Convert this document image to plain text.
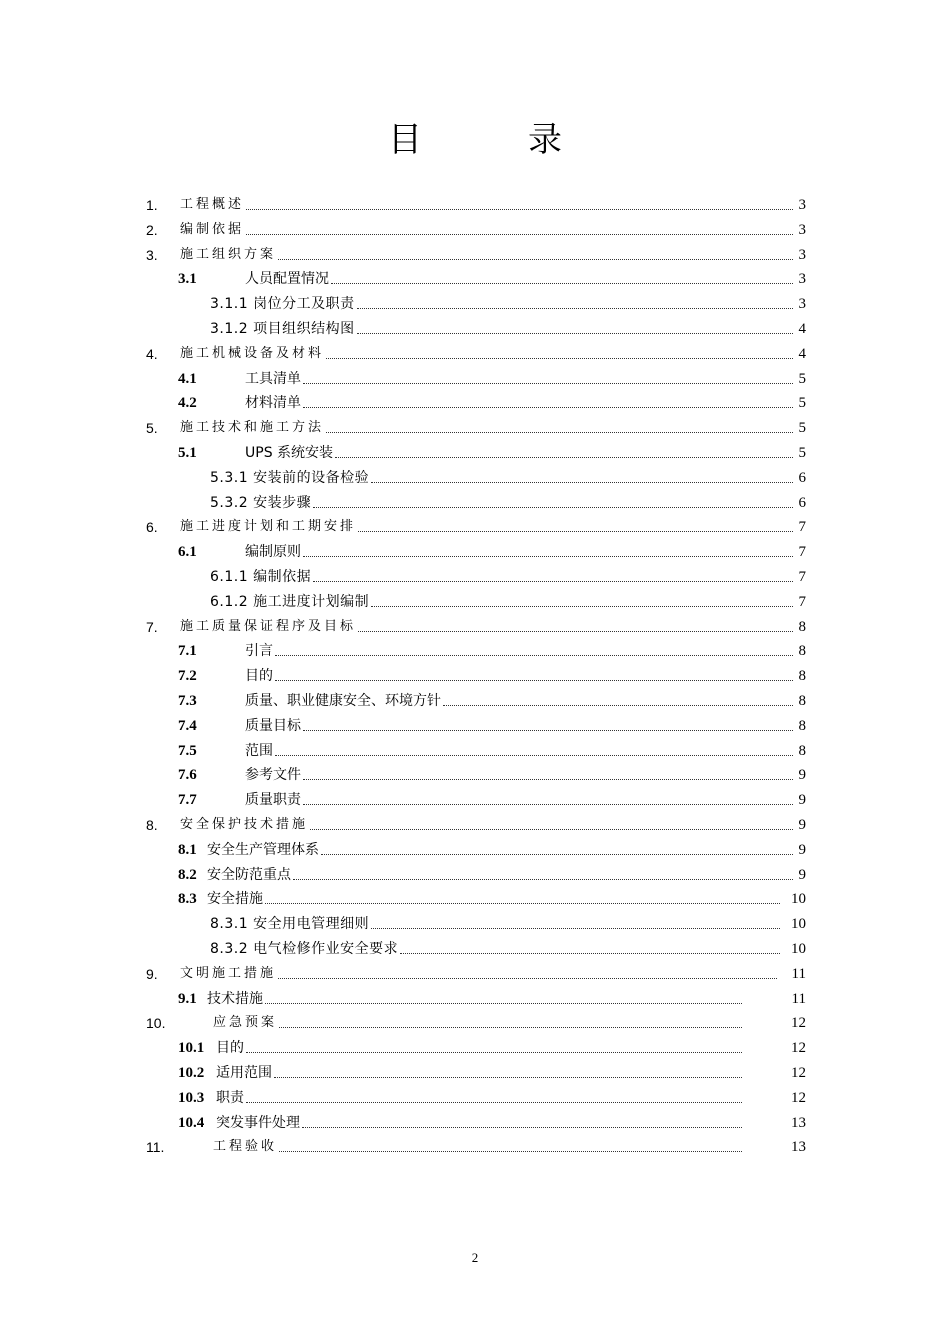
目　录
1. 工程概述	3
2. 编制依据	3
3. 施工组织方案	3
3.1	人员配置情况	3
3.1.1 岗位分工及职责	3
3.1.2 项目组织结构图	4
4. 施工机械设备及材料	4
4.1	工具清单	5
4.2	材料清单	5
5. 施工技术和施工方法	5
5.1	UPS 系统安装	5
5.3.1 安装前的设备检验	6
5.3.2 安装步骤	6
6. 施工进度计划和工期安排	7
6.1	编制原则	7
6.1.1 编制依据	7
6.1.2 施工进度计划编制	7
7. 施工质量保证程序及目标	8
7.1	引言	8
7.2	目的	8
7.3	质量、职业健康安全、环境方针	8
7.4	质量目标	8
7.5	范围	8
7.6	参考文件	9
7.7	质量职责	9
8. 安全保护技术措施	9
8.1 安全生产管理体系	9
8.2 安全防范重点	9
8.3 安全措施	10
8.3.1 安全用电管理细则	10
8.3.2 电气检修作业安全要求	10
9. 文明施工措施	11
9.1 技术措施	11
10.	应急预案	12
10.1 目的	12
10.2 适用范围	12
10.3 职责	12
10.4 突发事件处理	13
11.	工程验收	13
2
